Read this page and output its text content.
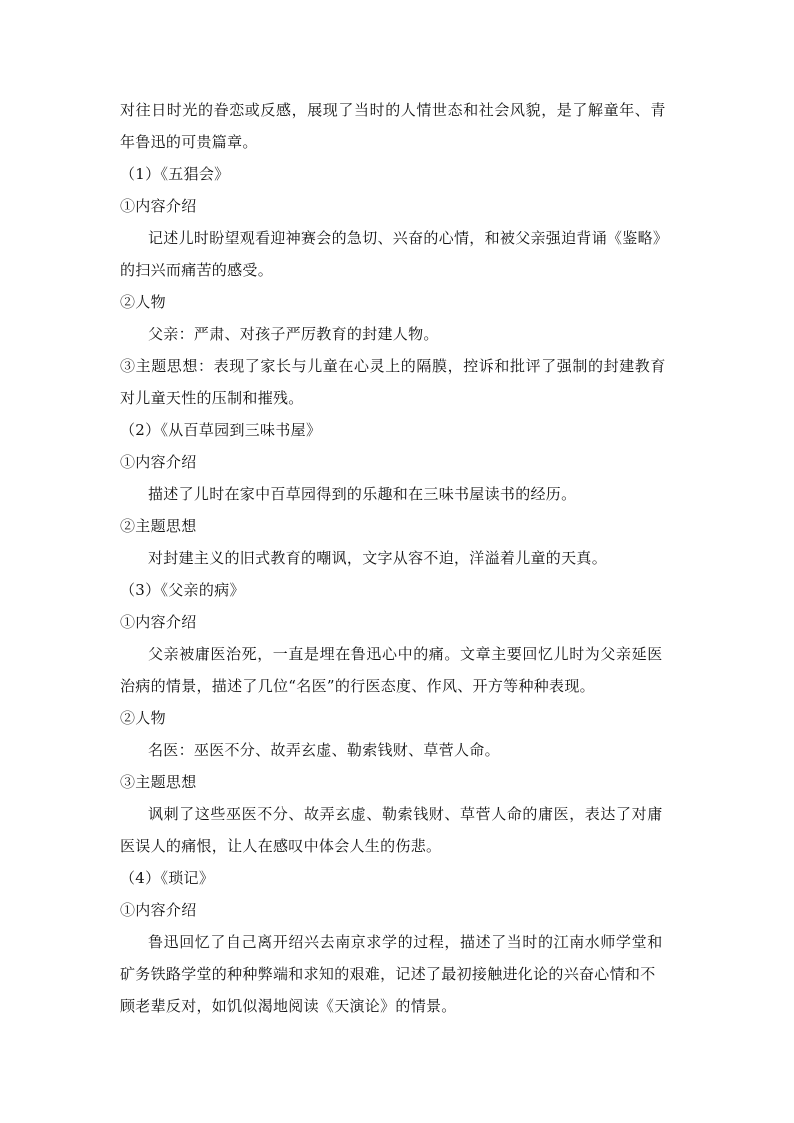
对往日时光的眷恋或反感，展现了当时的人情世态和社会风貌，是了解童年、青
年鲁迅的可贵篇章。
（1）《五猖会》
①内容介绍
记述儿时盼望观看迎神赛会的急切、兴奋的心情，和被父亲强迫背诵《鉴略》
的扫兴而痛苦的感受。
②人物
父亲：严肃、对孩子严厉教育的封建人物。
③主题思想：表现了家长与儿童在心灵上的隔膜，控诉和批评了强制的封建教育
对儿童天性的压制和摧残。
（2）《从百草园到三味书屋》
①内容介绍
描述了儿时在家中百草园得到的乐趣和在三味书屋读书的经历。
②主题思想
对封建主义的旧式教育的嘲讽，文字从容不迫，洋溢着儿童的天真。
（3）《父亲的病》
①内容介绍
父亲被庸医治死，一直是埋在鲁迅心中的痛。文章主要回忆儿时为父亲延医
治病的情景，描述了几位“名医”的行医态度、作风、开方等种种表现。
②人物
名医：巫医不分、故弄玄虚、勒索钱财、草菅人命。
③主题思想
讽刺了这些巫医不分、故弄玄虚、勒索钱财、草菅人命的庸医，表达了对庸
医误人的痛恨，让人在感叹中体会人生的伤悲。
（4）《琐记》
①内容介绍
鲁迅回忆了自己离开绍兴去南京求学的过程，描述了当时的江南水师学堂和
矿务铁路学堂的种种弊端和求知的艰难，记述了最初接触进化论的兴奋心情和不
顾老辈反对，如饥似渴地阅读《天演论》的情景。
